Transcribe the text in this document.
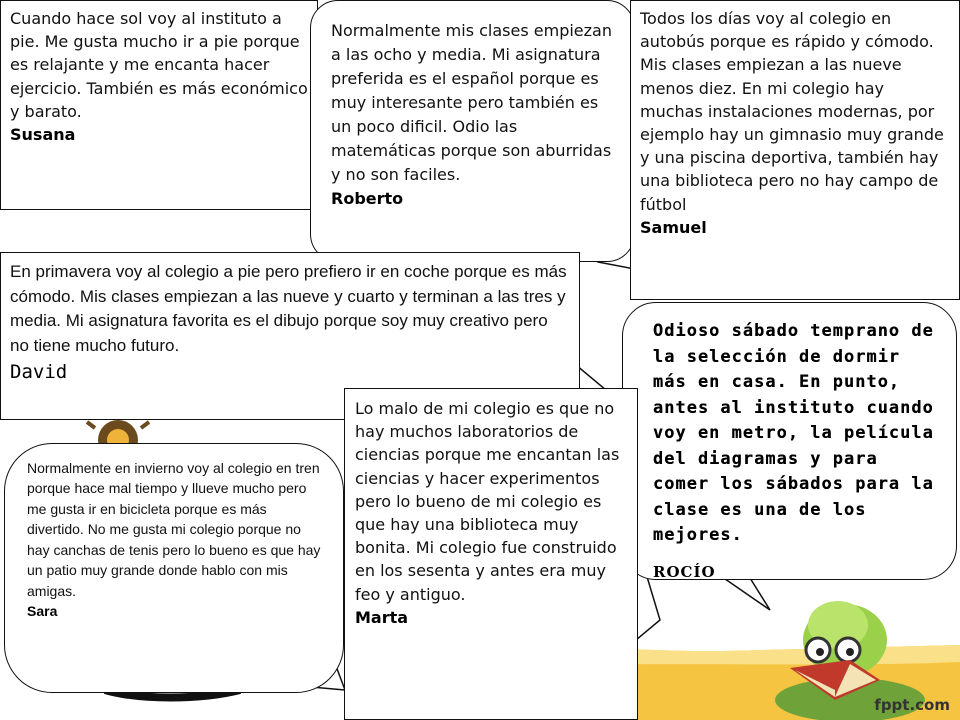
Cuando hace sol voy al instituto a pie. Me gusta mucho ir a pie porque es relajante y me encanta hacer ejercicio. También es más económico y barato.
Susana
Normalmente mis clases empiezan a las ocho y media. Mi asignatura preferida es el español porque es muy interesante pero también es un poco dificil. Odio las matemáticas porque son aburridas y no son faciles.
Roberto
Todos los días voy al colegio en autobús porque es rápido y cómodo. Mis clases empiezan a las nueve menos diez. En mi colegio hay muchas instalaciones modernas, por ejemplo hay un gimnasio muy grande y una piscina deportiva, también hay una biblioteca pero no hay campo de fútbol
Samuel
En primavera voy al colegio a pie pero prefiero ir en coche porque es más cómodo. Mis clases empiezan a las nueve y cuarto y terminan a las tres y media. Mi asignatura favorita es el dibujo porque soy muy creativo pero no tiene mucho futuro.
David
Odioso sábado temprano de la selección de dormir más en casa. En punto, antes al instituto cuando voy en metro, la película del diagramas y para comer los sábados para la clase es una de los mejores.
ROCÍO
Lo malo de mi colegio es que no hay muchos laboratorios de ciencias porque me encantan las ciencias y hacer experimentos pero lo bueno de mi colegio es que hay una biblioteca muy bonita. Mi colegio fue construido en los sesenta y antes era muy feo y antiguo.
Marta
Normalmente en invierno voy al colegio en tren porque hace mal tiempo y llueve mucho pero me gusta ir en bicicleta porque es más divertido. No me gusta mi colegio porque no hay canchas de tenis pero lo bueno es que hay un patio muy grande donde hablo con mis amigas.
Sara
fppt.com
